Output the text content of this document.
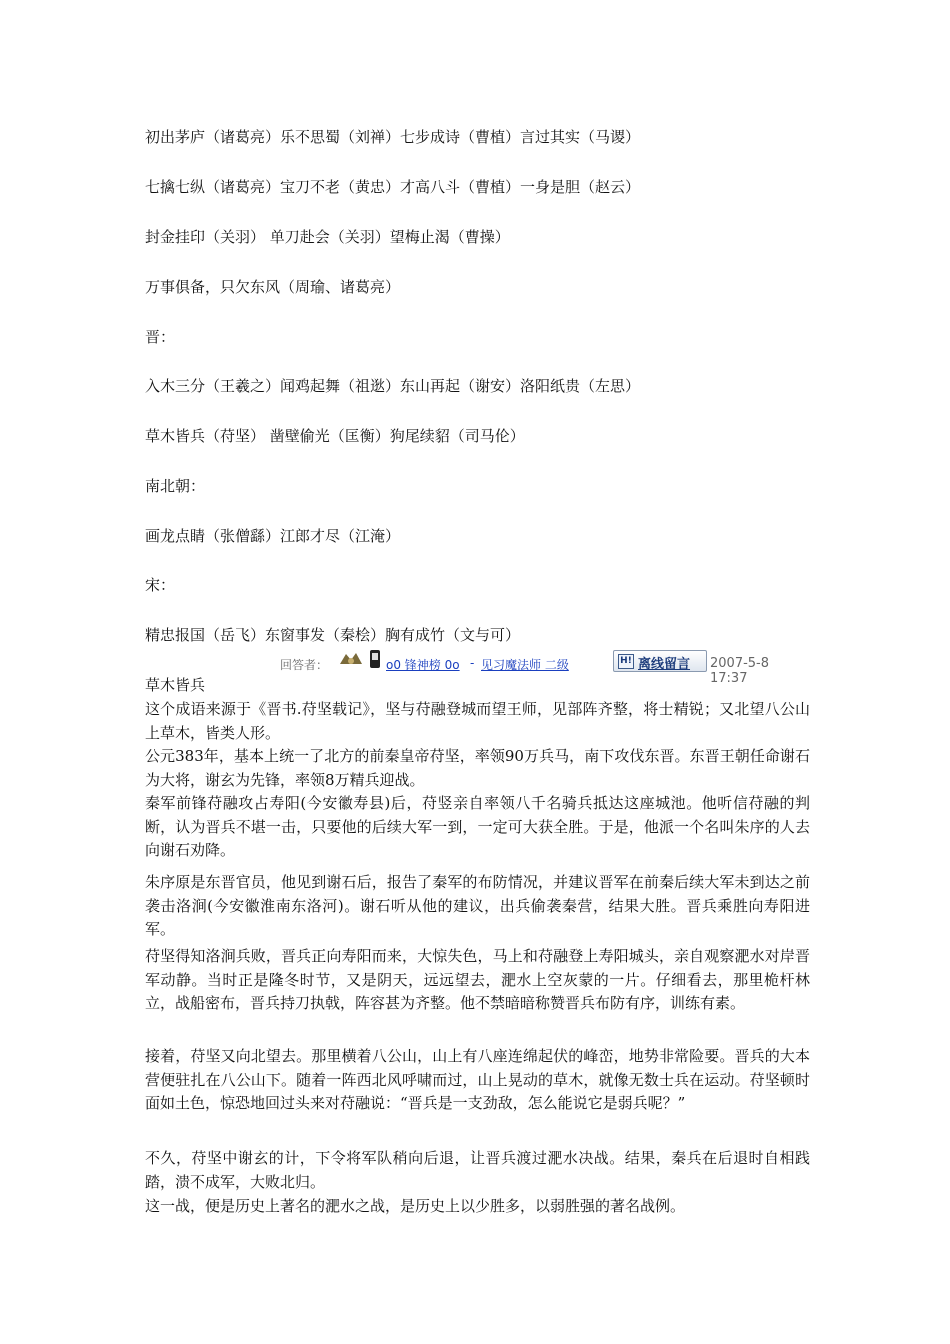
初出茅庐（诸葛亮）乐不思蜀（刘禅）七步成诗（曹植）言过其实（马谡）
七擒七纵（诸葛亮）宝刀不老（黄忠）才高八斗（曹植）一身是胆（赵云）
封金挂印（关羽） 单刀赴会（关羽）望梅止渴（曹操）
万事俱备，只欠东风（周瑜、诸葛亮）
晋：
入木三分（王羲之）闻鸡起舞（祖逖）东山再起（谢安）洛阳纸贵（左思）
草木皆兵（苻坚） 凿壁偷光（匡衡）狗尾续貂（司马伦）
南北朝：
画龙点睛（张僧繇）江郎才尽（江淹）
宋：
精忠报国（岳飞）东窗事发（秦桧）胸有成竹（文与可）
回答者：	o0 锋神榜 0o - 见习魔法师 二级	H! 离线留言 2007-5-8 17:37
草木皆兵
这个成语来源于《晋书.苻坚载记》，坚与苻融登城而望王师，见部阵齐整，将士精锐；又北望八公山上草木，皆类人形。
公元383年，基本上统一了北方的前秦皇帝苻坚，率领90万兵马，南下攻伐东晋。东晋王朝任命谢石为大将，谢玄为先锋，率领8万精兵迎战。
秦军前锋苻融攻占寿阳(今安徽寿县)后，苻竖亲自率领八千名骑兵抵达这座城池。他听信苻融的判断，认为晋兵不堪一击，只要他的后续大军一到，一定可大获全胜。于是，他派一个名叫朱序的人去向谢石劝降。
朱序原是东晋官员，他见到谢石后，报告了秦军的布防情况，并建议晋军在前秦后续大军未到达之前袭击洛涧(今安徽淮南东洛河)。谢石听从他的建议，出兵偷袭秦营，结果大胜。晋兵乘胜向寿阳进军。
苻坚得知洛涧兵败，晋兵正向寿阳而来，大惊失色，马上和苻融登上寿阳城头，亲自观察淝水对岸晋军动静。当时正是隆冬时节，又是阴天，远远望去，淝水上空灰蒙的一片。仔细看去，那里桅杆林立，战船密布，晋兵持刀执戟，阵容甚为齐整。他不禁暗暗称赞晋兵布防有序，训练有素。
接着，苻坚又向北望去。那里横着八公山，山上有八座连绵起伏的峰峦，地势非常险要。晋兵的大本营便驻扎在八公山下。随着一阵西北风呼啸而过，山上晃动的草木，就像无数士兵在运动。苻坚顿时面如土色，惊恐地回过头来对苻融说：“晋兵是一支劲敌，怎么能说它是弱兵呢？”
不久，苻坚中谢玄的计，下令将军队稍向后退，让晋兵渡过淝水决战。结果，秦兵在后退时自相践踏，溃不成军，大败北归。
这一战，便是历史上著名的淝水之战，是历史上以少胜多，以弱胜强的著名战例。
